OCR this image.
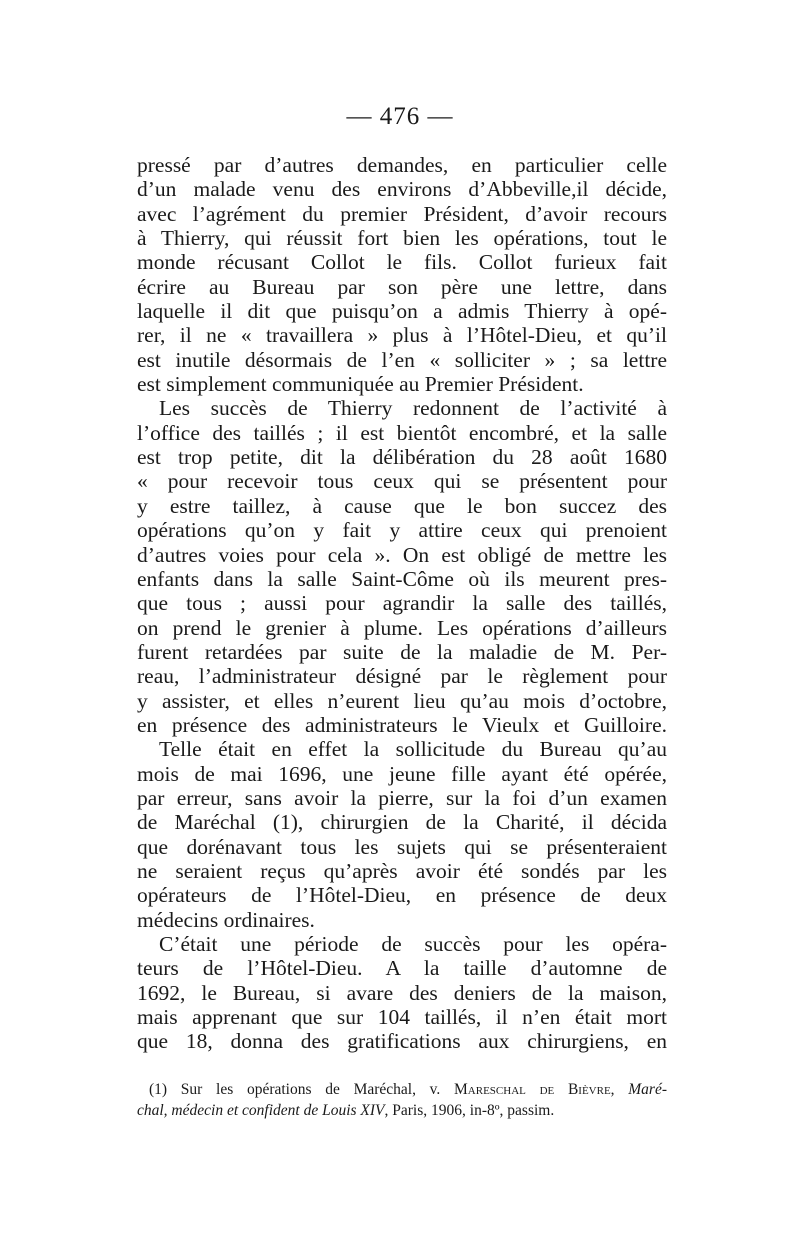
— 476 —
pressé par d’autres demandes, en particulier celle
d’un malade venu des environs d’Abbeville,il décide,
avec l’agrément du premier Président, d’avoir recours
à Thierry, qui réussit fort bien les opérations, tout le
monde récusant Collot le fils. Collot furieux fait
écrire au Bureau par son père une lettre, dans
laquelle il dit que puisqu’on a admis Thierry à opé-
rer, il ne « travaillera » plus à l’Hôtel-Dieu, et qu’il
est inutile désormais de l’en « solliciter » ; sa lettre
est simplement communiquée au Premier Président.
Les succès de Thierry redonnent de l’activité à
l’office des taillés ; il est bientôt encombré, et la salle
est trop petite, dit la délibération du 28 août 1680
« pour recevoir tous ceux qui se présentent pour
y estre taillez, à cause que le bon succez des
opérations qu’on y fait y attire ceux qui prenoient
d’autres voies pour cela ». On est obligé de mettre les
enfants dans la salle Saint-Côme où ils meurent pres-
que tous ; aussi pour agrandir la salle des taillés,
on prend le grenier à plume. Les opérations d’ailleurs
furent retardées par suite de la maladie de M. Per-
reau, l’administrateur désigné par le règlement pour
y assister, et elles n’eurent lieu qu’au mois d’octobre,
en présence des administrateurs le Vieulx et Guilloire.
Telle était en effet la sollicitude du Bureau qu’au
mois de mai 1696, une jeune fille ayant été opérée,
par erreur, sans avoir la pierre, sur la foi d’un examen
de Maréchal (1), chirurgien de la Charité, il décida
que dorénavant tous les sujets qui se présenteraient
ne seraient reçus qu’après avoir été sondés par les
opérateurs de l’Hôtel-Dieu, en présence de deux
médecins ordinaires.
C’était une période de succès pour les opéra-
teurs de l’Hôtel-Dieu. A la taille d’automne de
1692, le Bureau, si avare des deniers de la maison,
mais apprenant que sur 104 taillés, il n’en était mort
que 18, donna des gratifications aux chirurgiens, en
(1) Sur les opérations de Maréchal, v. Mareschal de Bièvre, Maré-
chal, médecin et confident de Louis XIV, Paris, 1906, in-8º, passim.
